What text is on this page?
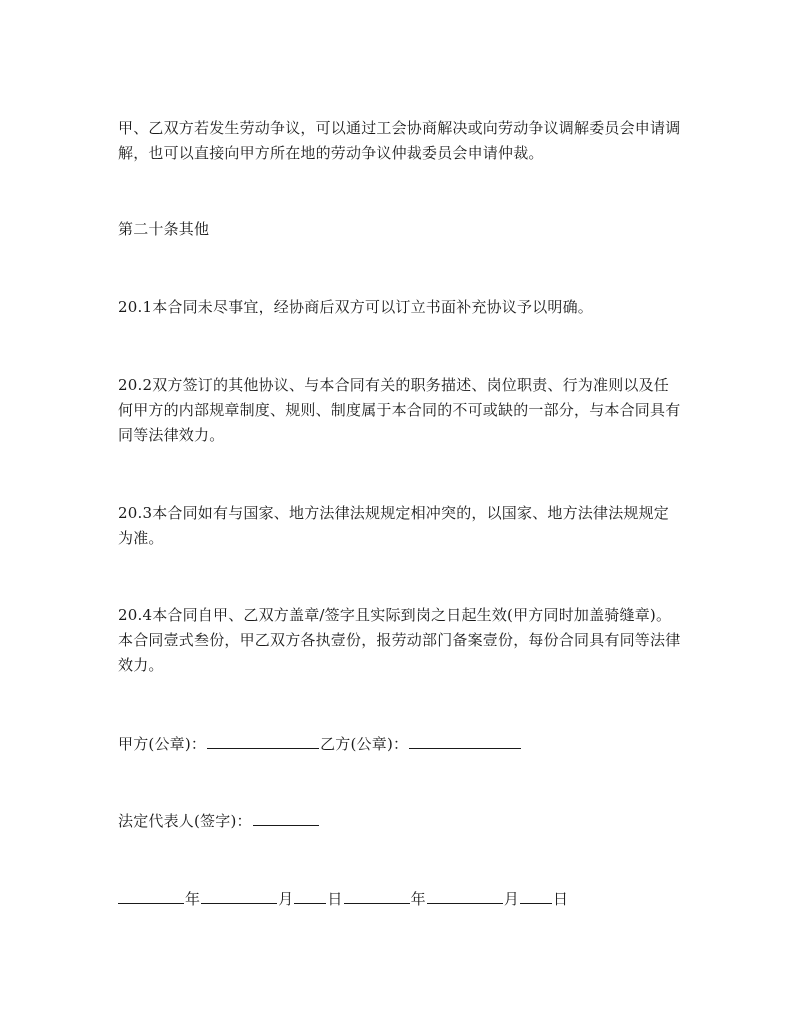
甲、乙双方若发生劳动争议，可以通过工会协商解决或向劳动争议调解委员会申请调解，也可以直接向甲方所在地的劳动争议仲裁委员会申请仲裁。

第二十条其他

20.1本合同未尽事宜，经协商后双方可以订立书面补充协议予以明确。

20.2双方签订的其他协议、与本合同有关的职务描述、岗位职责、行为准则以及任何甲方的内部规章制度、规则、制度属于本合同的不可或缺的一部分，与本合同具有同等法律效力。

20.3本合同如有与国家、地方法律法规规定相冲突的，以国家、地方法律法规规定为准。

20.4本合同自甲、乙双方盖章/签字且实际到岗之日起生效(甲方同时加盖骑缝章)。本合同壹式叁份，甲乙双方各执壹份，报劳动部门备案壹份，每份合同具有同等法律效力。

甲方(公章)：	乙方(公章)：

法定代表人(签字)：

年	月 日	年	月 日
